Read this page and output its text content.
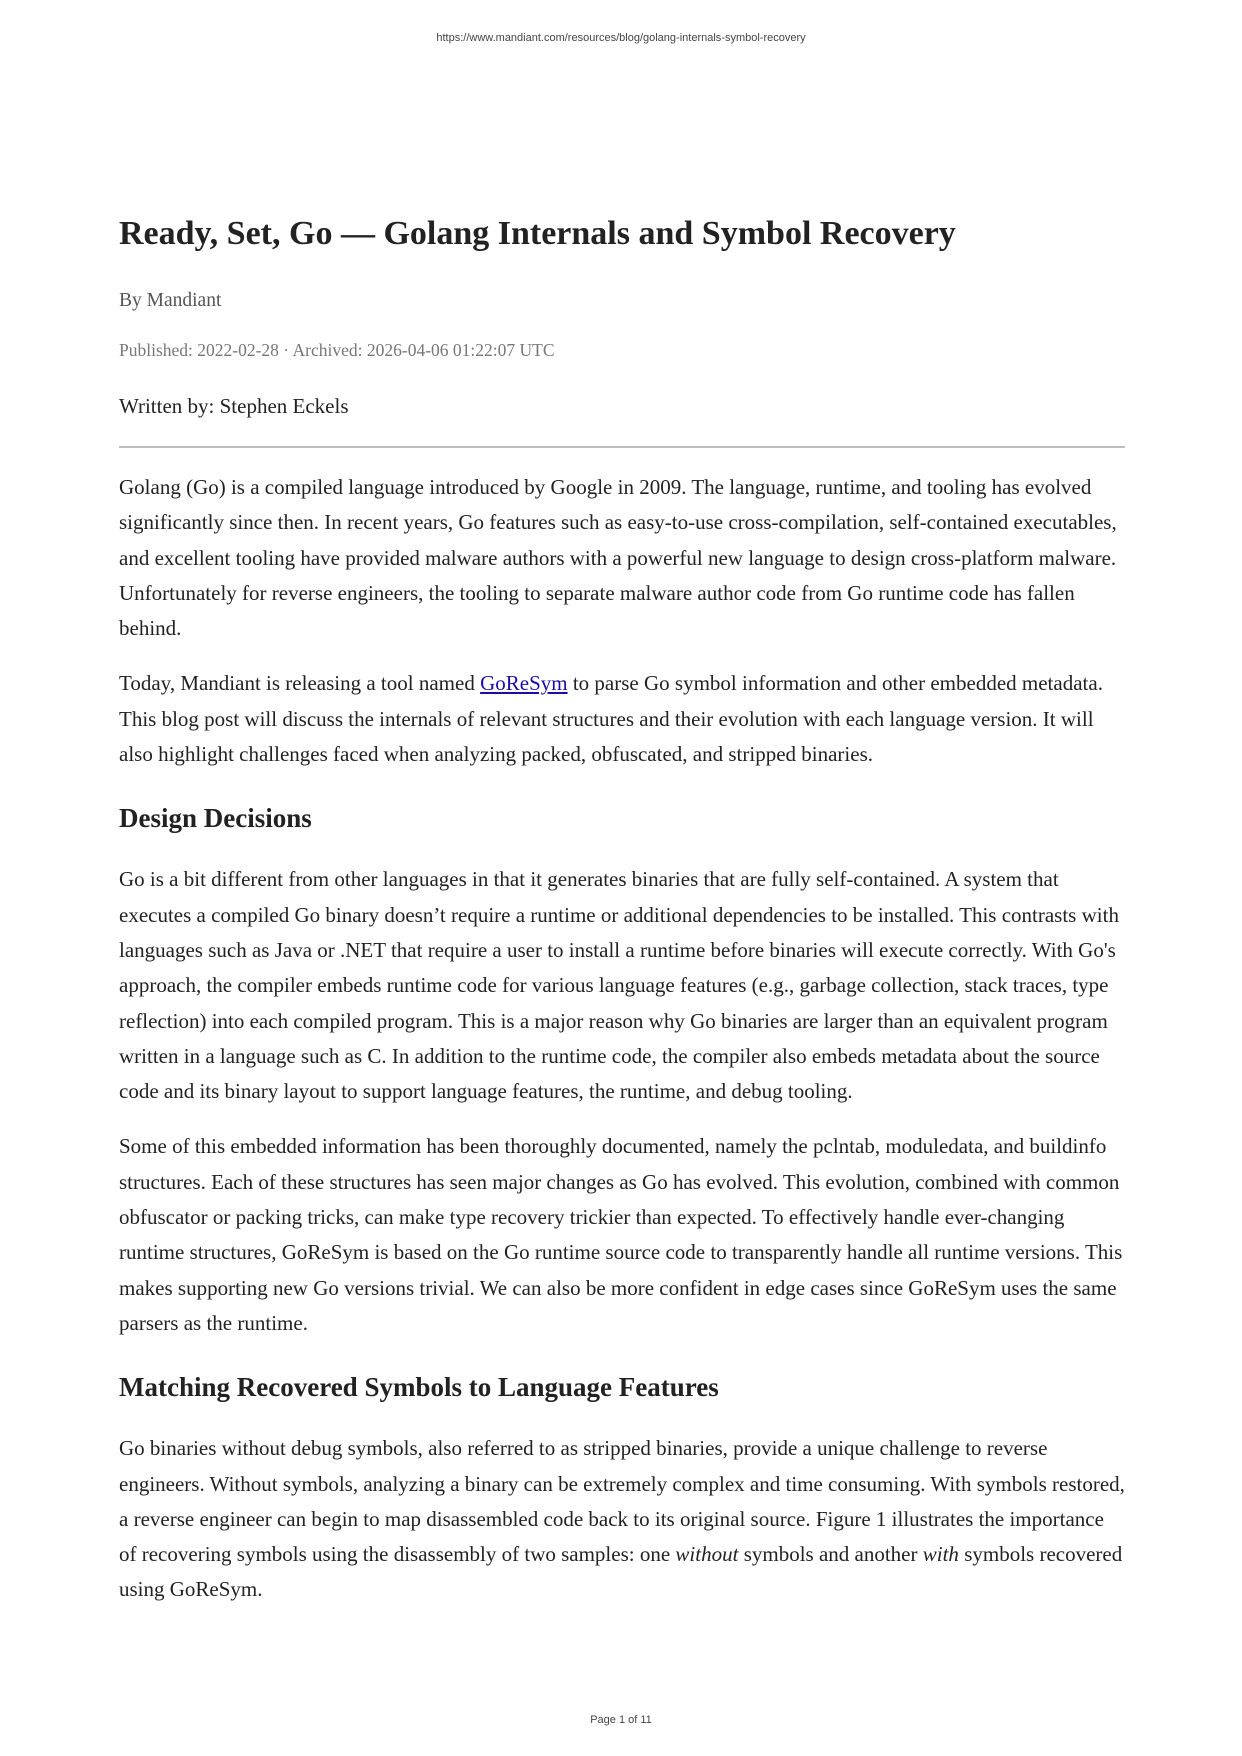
https://www.mandiant.com/resources/blog/golang-internals-symbol-recovery
Ready, Set, Go — Golang Internals and Symbol Recovery
By Mandiant
Published: 2022-02-28 · Archived: 2026-04-06 01:22:07 UTC
Written by: Stephen Eckels

Golang (Go) is a compiled language introduced by Google in 2009. The language, runtime, and tooling has evolved significantly since then. In recent years, Go features such as easy-to-use cross-compilation, self-contained executables, and excellent tooling have provided malware authors with a powerful new language to design cross-platform malware. Unfortunately for reverse engineers, the tooling to separate malware author code from Go runtime code has fallen behind.

Today, Mandiant is releasing a tool named GoReSym to parse Go symbol information and other embedded metadata. This blog post will discuss the internals of relevant structures and their evolution with each language version. It will also highlight challenges faced when analyzing packed, obfuscated, and stripped binaries.

Design Decisions

Go is a bit different from other languages in that it generates binaries that are fully self-contained. A system that executes a compiled Go binary doesn’t require a runtime or additional dependencies to be installed. This contrasts with languages such as Java or .NET that require a user to install a runtime before binaries will execute correctly. With Go's approach, the compiler embeds runtime code for various language features (e.g., garbage collection, stack traces, type reflection) into each compiled program. This is a major reason why Go binaries are larger than an equivalent program written in a language such as C. In addition to the runtime code, the compiler also embeds metadata about the source code and its binary layout to support language features, the runtime, and debug tooling.

Some of this embedded information has been thoroughly documented, namely the pclntab, moduledata, and buildinfo structures. Each of these structures has seen major changes as Go has evolved. This evolution, combined with common obfuscator or packing tricks, can make type recovery trickier than expected. To effectively handle ever-changing runtime structures, GoReSym is based on the Go runtime source code to transparently handle all runtime versions. This makes supporting new Go versions trivial. We can also be more confident in edge cases since GoReSym uses the same parsers as the runtime.

Matching Recovered Symbols to Language Features

Go binaries without debug symbols, also referred to as stripped binaries, provide a unique challenge to reverse engineers. Without symbols, analyzing a binary can be extremely complex and time consuming. With symbols restored, a reverse engineer can begin to map disassembled code back to its original source. Figure 1 illustrates the importance of recovering symbols using the disassembly of two samples: one without symbols and another with symbols recovered using GoReSym.

Page 1 of 11
